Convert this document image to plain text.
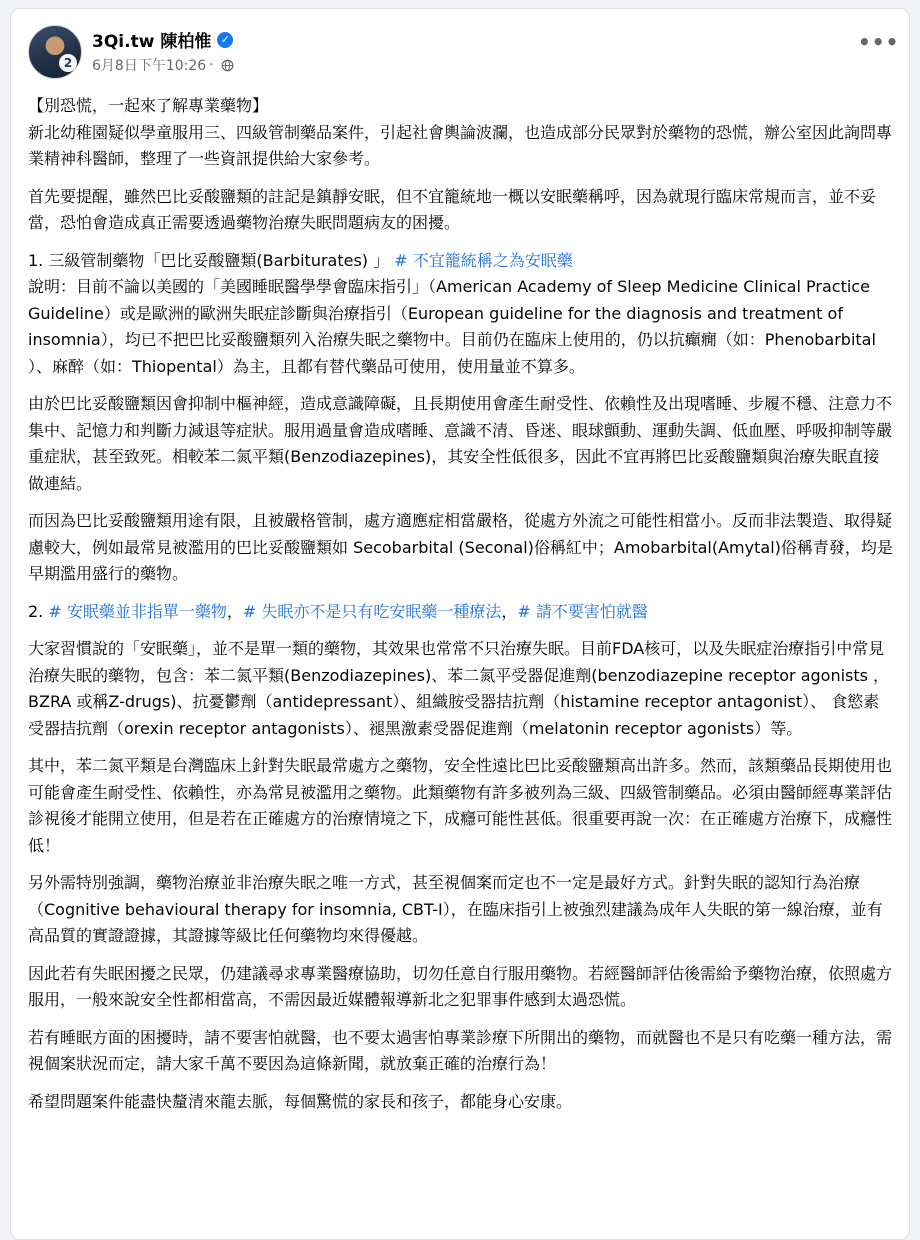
2
3Qi.tw 陳柏惟 ✓
6月8日下午10:26 ·
•••

【別恐慌，一起來了解專業藥物】
新北幼稚園疑似學童服用三、四級管制藥品案件，引起社會輿論波瀾，也造成部分民眾對於藥物的恐慌，辦公室因此詢問專業精神科醫師，整理了一些資訊提供給大家參考。

首先要提醒，雖然巴比妥酸鹽類的註記是鎮靜安眠，但不宜籠統地一概以安眠藥稱呼，因為就現行臨床常規而言，並不妥當，恐怕會造成真正需要透過藥物治療失眠問題病友的困擾。

1. 三級管制藥物「巴比妥酸鹽類(Barbiturates) 」 # 不宜籠統稱之為安眠藥
說明：目前不論以美國的「美國睡眠醫學學會臨床指引」（American Academy of Sleep Medicine Clinical Practice Guideline）或是歐洲的歐洲失眠症診斷與治療指引（European guideline for the diagnosis and treatment of insomnia），均已不把巴比妥酸鹽類列入治療失眠之藥物中。目前仍在臨床上使用的，仍以抗癲癇（如：Phenobarbital ）、麻醉（如：Thiopental）為主，且都有替代藥品可使用，使用量並不算多。

由於巴比妥酸鹽類因會抑制中樞神經，造成意識障礙，且長期使用會產生耐受性、依賴性及出現嗜睡、步履不穩、注意力不集中、記憶力和判斷力減退等症狀。服用過量會造成嗜睡、意識不清、昏迷、眼球顫動、運動失調、低血壓、呼吸抑制等嚴重症狀，甚至致死。相較苯二氮平類(Benzodiazepines)，其安全性低很多，因此不宜再將巴比妥酸鹽類與治療失眠直接做連結。

而因為巴比妥酸鹽類用途有限，且被嚴格管制，處方適應症相當嚴格，從處方外流之可能性相當小。反而非法製造、取得疑慮較大，例如最常見被濫用的巴比妥酸鹽類如 Secobarbital (Seconal)俗稱紅中；Amobarbital(Amytal)俗稱青發，均是早期濫用盛行的藥物。

2. # 安眠藥並非指單一藥物，# 失眠亦不是只有吃安眠藥一種療法，# 請不要害怕就醫

大家習慣說的「安眠藥」，並不是單一類的藥物，其效果也常常不只治療失眠。目前FDA核可，以及失眠症治療指引中常見治療失眠的藥物，包含：苯二氮平類(Benzodiazepines)、苯二氮平受器促進劑(benzodiazepine receptor agonists ，BZRA 或稱Z-drugs)、抗憂鬱劑（antidepressant）、組織胺受器拮抗劑（histamine receptor antagonist）、 食慾素受器拮抗劑（orexin receptor antagonists）、褪黑激素受器促進劑（melatonin receptor agonists）等。

其中，苯二氮平類是台灣臨床上針對失眠最常處方之藥物，安全性遠比巴比妥酸鹽類高出許多。然而，該類藥品長期使用也可能會產生耐受性、依賴性，亦為常見被濫用之藥物。此類藥物有許多被列為三級、四級管制藥品。必須由醫師經專業評估診視後才能開立使用，但是若在正確處方的治療情境之下，成癮可能性甚低。很重要再說一次：在正確處方治療下，成癮性低！

另外需特別強調，藥物治療並非治療失眠之唯一方式，甚至視個案而定也不一定是最好方式。針對失眠的認知行為治療（Cognitive behavioural therapy for insomnia, CBT-I），在臨床指引上被強烈建議為成年人失眠的第一線治療，並有高品質的實證證據，其證據等級比任何藥物均來得優越。

因此若有失眠困擾之民眾，仍建議尋求專業醫療協助，切勿任意自行服用藥物。若經醫師評估後需給予藥物治療，依照處方服用，一般來說安全性都相當高，不需因最近媒體報導新北之犯罪事件感到太過恐慌。

若有睡眠方面的困擾時，請不要害怕就醫，也不要太過害怕專業診療下所開出的藥物，而就醫也不是只有吃藥一種方法，需視個案狀況而定，請大家千萬不要因為這條新聞，就放棄正確的治療行為！

希望問題案件能盡快釐清來龍去脈，每個驚慌的家長和孩子，都能身心安康。
